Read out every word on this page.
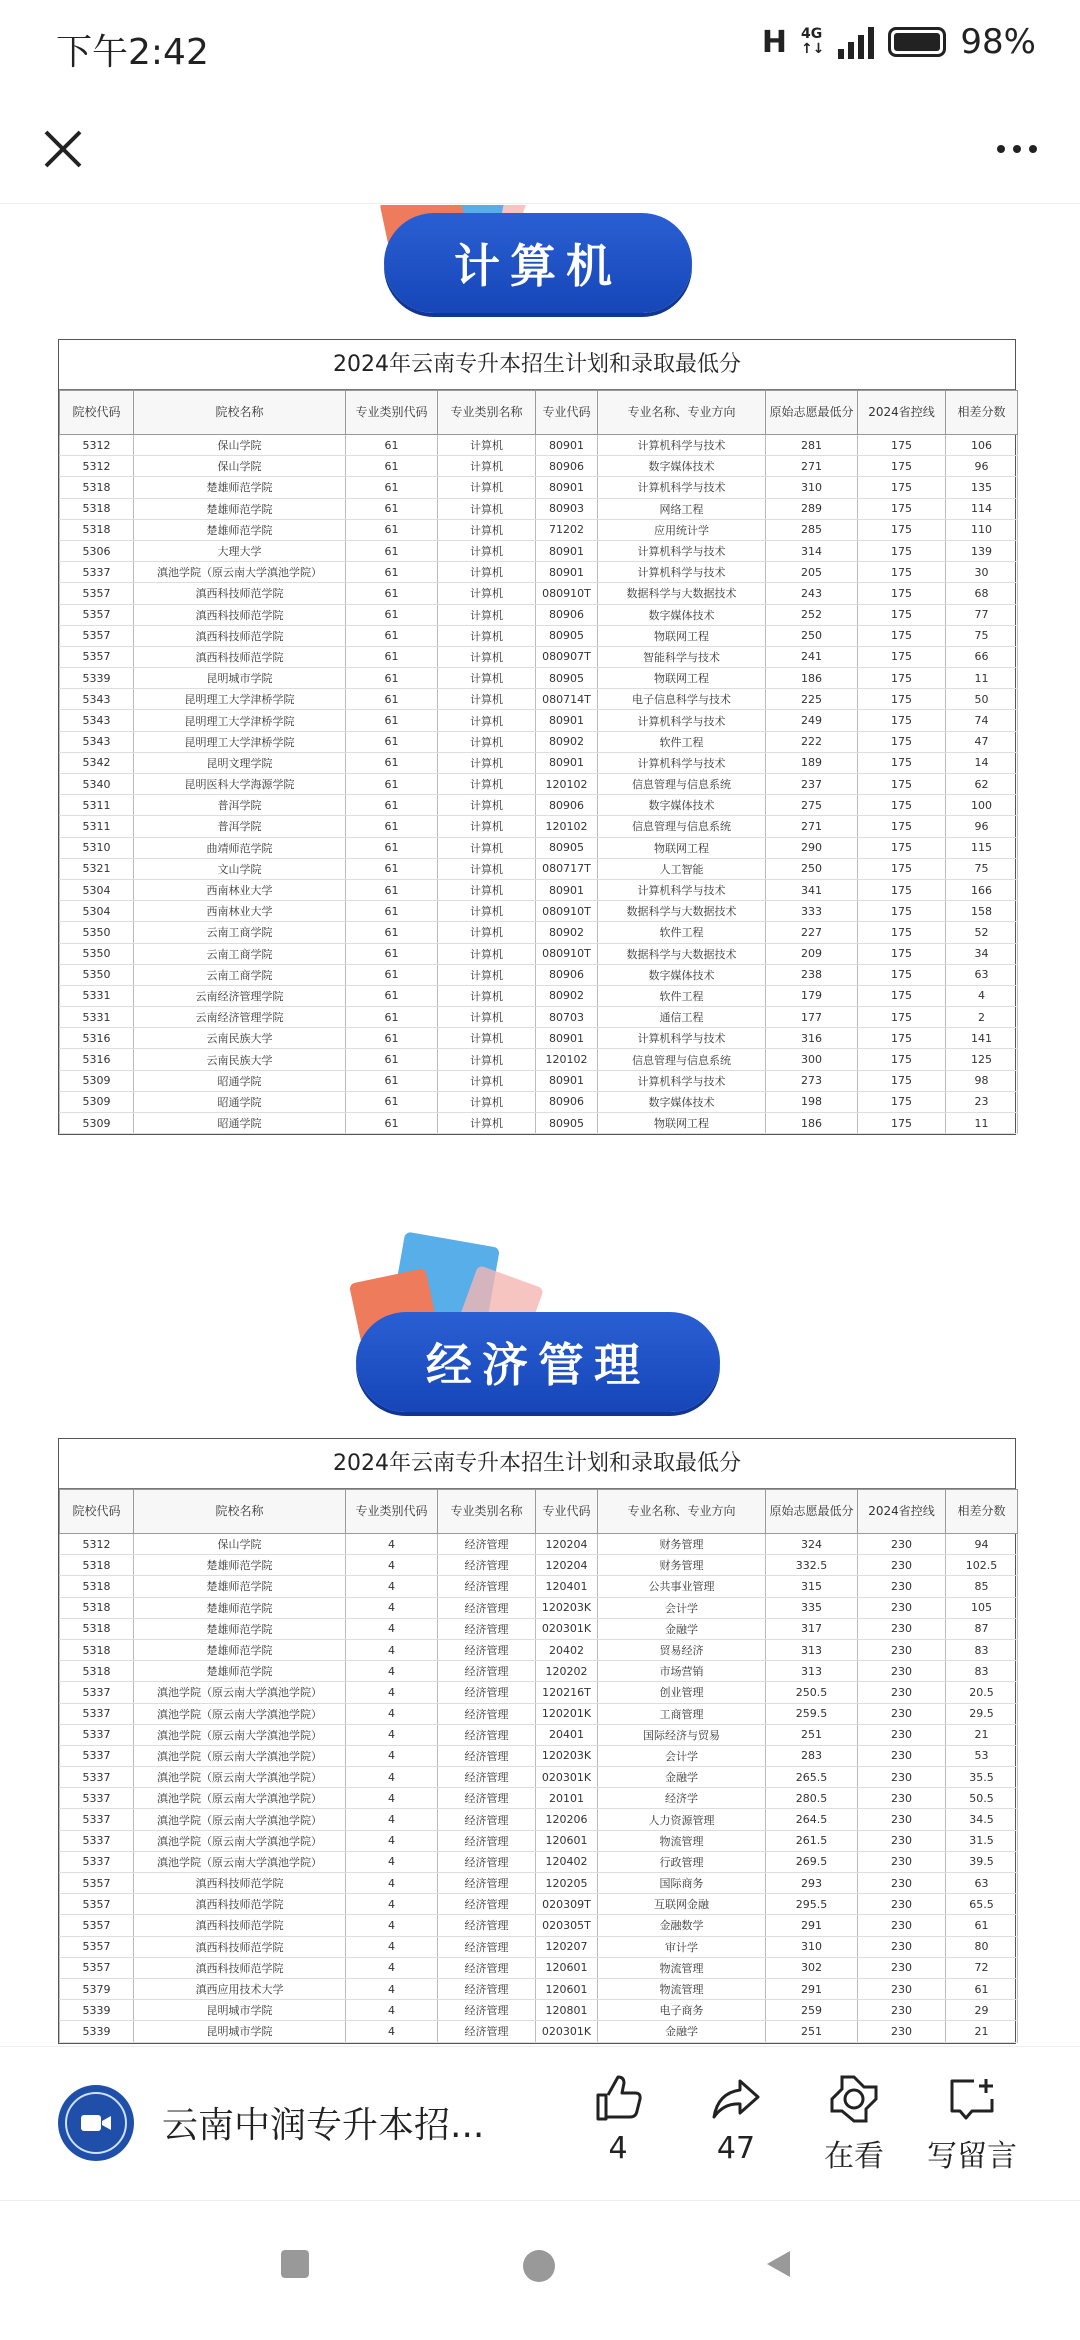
下午2:42	H 4G
↑↓	98%
计算机
2024年云南专升本招生计划和录取最低分
院校代码	院校名称	专业类别代码	专业类别名称	专业代码	专业名称、专业方向	原始志愿最低分	2024省控线	相差分数
5312	保山学院	61	计算机	80901	计算机科学与技术	281	175	106
5312	保山学院	61	计算机	80906	数字媒体技术	271	175	96
5318	楚雄师范学院	61	计算机	80901	计算机科学与技术	310	175	135
5318	楚雄师范学院	61	计算机	80903	网络工程	289	175	114
5318	楚雄师范学院	61	计算机	71202	应用统计学	285	175	110
5306	大理大学	61	计算机	80901	计算机科学与技术	314	175	139
5337	滇池学院（原云南大学滇池学院）	61	计算机	80901	计算机科学与技术	205	175	30
5357	滇西科技师范学院	61	计算机	080910T	数据科学与大数据技术	243	175	68
5357	滇西科技师范学院	61	计算机	80906	数字媒体技术	252	175	77
5357	滇西科技师范学院	61	计算机	80905	物联网工程	250	175	75
5357	滇西科技师范学院	61	计算机	080907T	智能科学与技术	241	175	66
5339	昆明城市学院	61	计算机	80905	物联网工程	186	175	11
5343	昆明理工大学津桥学院	61	计算机	080714T	电子信息科学与技术	225	175	50
5343	昆明理工大学津桥学院	61	计算机	80901	计算机科学与技术	249	175	74
5343	昆明理工大学津桥学院	61	计算机	80902	软件工程	222	175	47
5342	昆明文理学院	61	计算机	80901	计算机科学与技术	189	175	14
5340	昆明医科大学海源学院	61	计算机	120102	信息管理与信息系统	237	175	62
5311	普洱学院	61	计算机	80906	数字媒体技术	275	175	100
5311	普洱学院	61	计算机	120102	信息管理与信息系统	271	175	96
5310	曲靖师范学院	61	计算机	80905	物联网工程	290	175	115
5321	文山学院	61	计算机	080717T	人工智能	250	175	75
5304	西南林业大学	61	计算机	80901	计算机科学与技术	341	175	166
5304	西南林业大学	61	计算机	080910T	数据科学与大数据技术	333	175	158
5350	云南工商学院	61	计算机	80902	软件工程	227	175	52
5350	云南工商学院	61	计算机	080910T	数据科学与大数据技术	209	175	34
5350	云南工商学院	61	计算机	80906	数字媒体技术	238	175	63
5331	云南经济管理学院	61	计算机	80902	软件工程	179	175	4
5331	云南经济管理学院	61	计算机	80703	通信工程	177	175	2
5316	云南民族大学	61	计算机	80901	计算机科学与技术	316	175	141
5316	云南民族大学	61	计算机	120102	信息管理与信息系统	300	175	125
5309	昭通学院	61	计算机	80901	计算机科学与技术	273	175	98
5309	昭通学院	61	计算机	80906	数字媒体技术	198	175	23
5309	昭通学院	61	计算机	80905	物联网工程	186	175	11
经济管理
2024年云南专升本招生计划和录取最低分
院校代码	院校名称	专业类别代码	专业类别名称	专业代码	专业名称、专业方向	原始志愿最低分	2024省控线	相差分数
5312	保山学院	4	经济管理	120204	财务管理	324	230	94
5318	楚雄师范学院	4	经济管理	120204	财务管理	332.5	230	102.5
5318	楚雄师范学院	4	经济管理	120401	公共事业管理	315	230	85
5318	楚雄师范学院	4	经济管理	120203K	会计学	335	230	105
5318	楚雄师范学院	4	经济管理	020301K	金融学	317	230	87
5318	楚雄师范学院	4	经济管理	20402	贸易经济	313	230	83
5318	楚雄师范学院	4	经济管理	120202	市场营销	313	230	83
5337	滇池学院（原云南大学滇池学院）	4	经济管理	120216T	创业管理	250.5	230	20.5
5337	滇池学院（原云南大学滇池学院）	4	经济管理	120201K	工商管理	259.5	230	29.5
5337	滇池学院（原云南大学滇池学院）	4	经济管理	20401	国际经济与贸易	251	230	21
5337	滇池学院（原云南大学滇池学院）	4	经济管理	120203K	会计学	283	230	53
5337	滇池学院（原云南大学滇池学院）	4	经济管理	020301K	金融学	265.5	230	35.5
5337	滇池学院（原云南大学滇池学院）	4	经济管理	20101	经济学	280.5	230	50.5
5337	滇池学院（原云南大学滇池学院）	4	经济管理	120206	人力资源管理	264.5	230	34.5
5337	滇池学院（原云南大学滇池学院）	4	经济管理	120601	物流管理	261.5	230	31.5
5337	滇池学院（原云南大学滇池学院）	4	经济管理	120402	行政管理	269.5	230	39.5
5357	滇西科技师范学院	4	经济管理	120205	国际商务	293	230	63
5357	滇西科技师范学院	4	经济管理	020309T	互联网金融	295.5	230	65.5
5357	滇西科技师范学院	4	经济管理	020305T	金融数学	291	230	61
5357	滇西科技师范学院	4	经济管理	120207	审计学	310	230	80
5357	滇西科技师范学院	4	经济管理	120601	物流管理	302	230	72
5379	滇西应用技术大学	4	经济管理	120601	物流管理	291	230	61
5339	昆明城市学院	4	经济管理	120801	电子商务	259	230	29
5339	昆明城市学院	4	经济管理	020301K	金融学	251	230	21
云南中润专升本招...
4	47 在看 写留言
